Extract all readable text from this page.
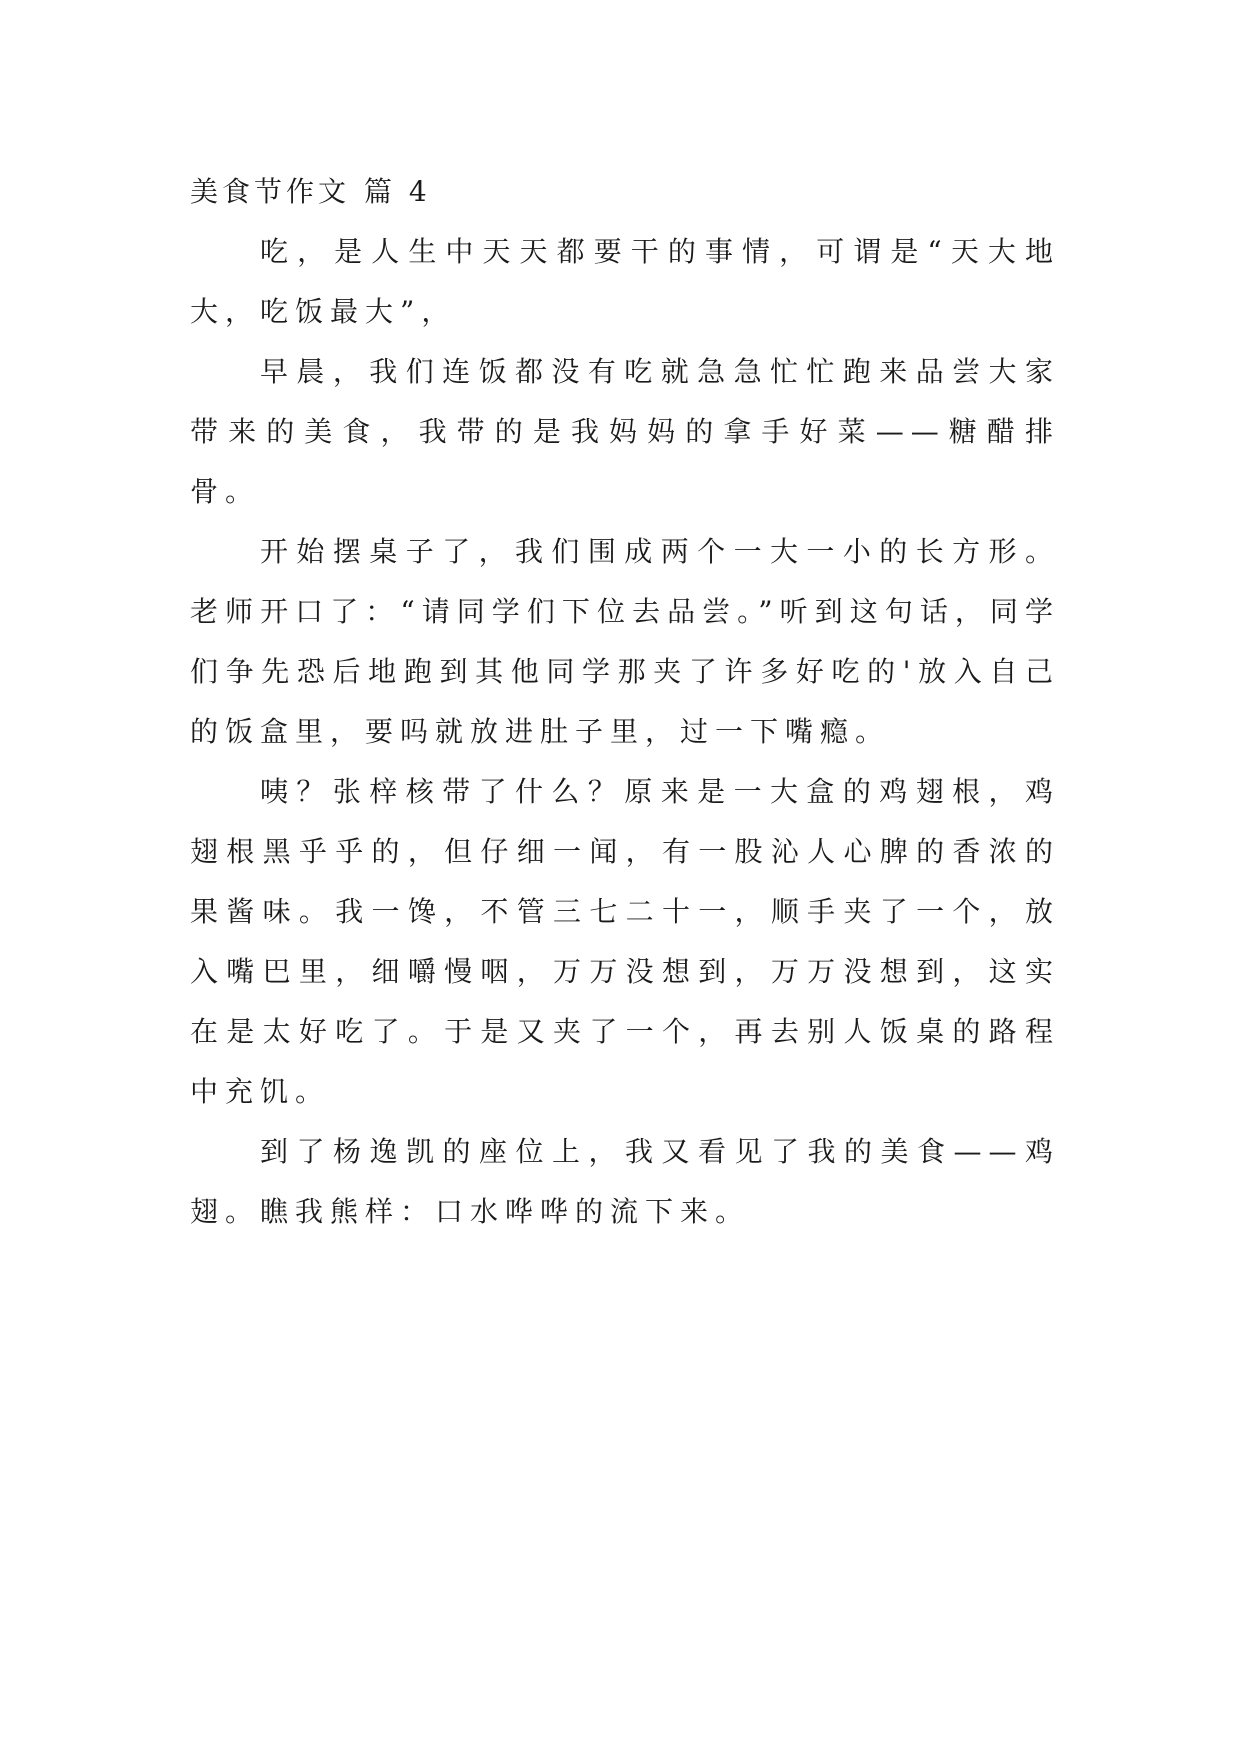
美食节作文 篇 4

吃，是人生中天天都要干的事情，可谓是“天大地大，吃饭最大”，

早晨，我们连饭都没有吃就急急忙忙跑来品尝大家带来的美食，我带的是我妈妈的拿手好菜——糖醋排骨。

开始摆桌子了，我们围成两个一大一小的长方形。老师开口了：“请同学们下位去品尝。”听到这句话，同学们争先恐后地跑到其他同学那夹了许多好吃的'放入自己的饭盒里，要吗就放进肚子里，过一下嘴瘾。

咦？张梓核带了什么？原来是一大盒的鸡翅根，鸡翅根黑乎乎的，但仔细一闻，有一股沁人心脾的香浓的果酱味。我一馋，不管三七二十一，顺手夹了一个，放入嘴巴里，细嚼慢咽，万万没想到，万万没想到，这实在是太好吃了。于是又夹了一个，再去别人饭桌的路程中充饥。

到了杨逸凯的座位上，我又看见了我的美食——鸡翅。瞧我熊样：口水哗哗的流下来。
